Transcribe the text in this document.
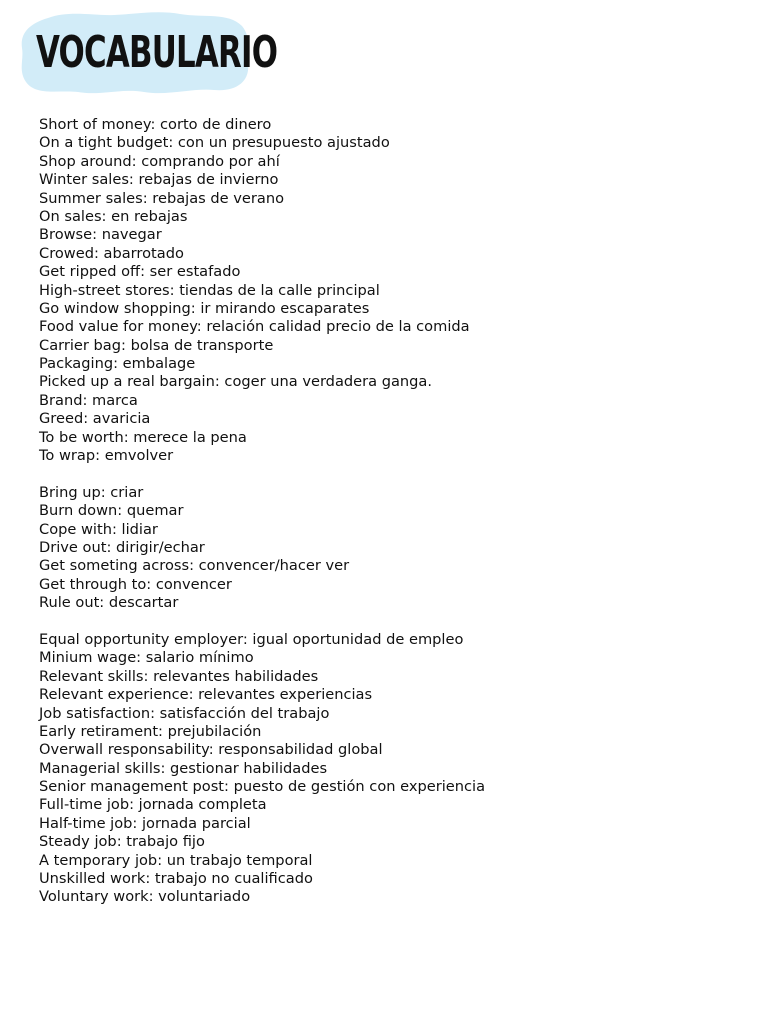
VOCABULARIO
Short of money: corto de dinero
On a tight budget: con un presupuesto ajustado
Shop around: comprando por ahí
Winter sales: rebajas de invierno
Summer sales: rebajas de verano
On sales: en rebajas
Browse: navegar
Crowed: abarrotado
Get ripped off: ser estafado
High-street stores: tiendas de la calle principal
Go window shopping: ir mirando escaparates
Food value for money: relación calidad precio de la comida
Carrier bag: bolsa de transporte
Packaging: embalage
Picked up a real bargain: coger una verdadera ganga.
Brand: marca
Greed: avaricia
To be worth: merece la pena
To wrap: emvolver
Bring up: criar
Burn down: quemar
Cope with: lidiar
Drive out: dirigir/echar
Get someting across: convencer/hacer ver
Get through to: convencer
Rule out: descartar
Equal opportunity employer: igual oportunidad de empleo
Minium wage: salario mínimo
Relevant skills: relevantes habilidades
Relevant experience: relevantes experiencias
Job satisfaction: satisfacción del trabajo
Early retirament: prejubilación
Overwall responsability: responsabilidad global
Managerial skills: gestionar habilidades
Senior management post: puesto de gestión con experiencia
Full-time job: jornada completa
Half-time job: jornada parcial
Steady job: trabajo fijo
A temporary job: un trabajo temporal
Unskilled work: trabajo no cualificado
Voluntary work: voluntariado
